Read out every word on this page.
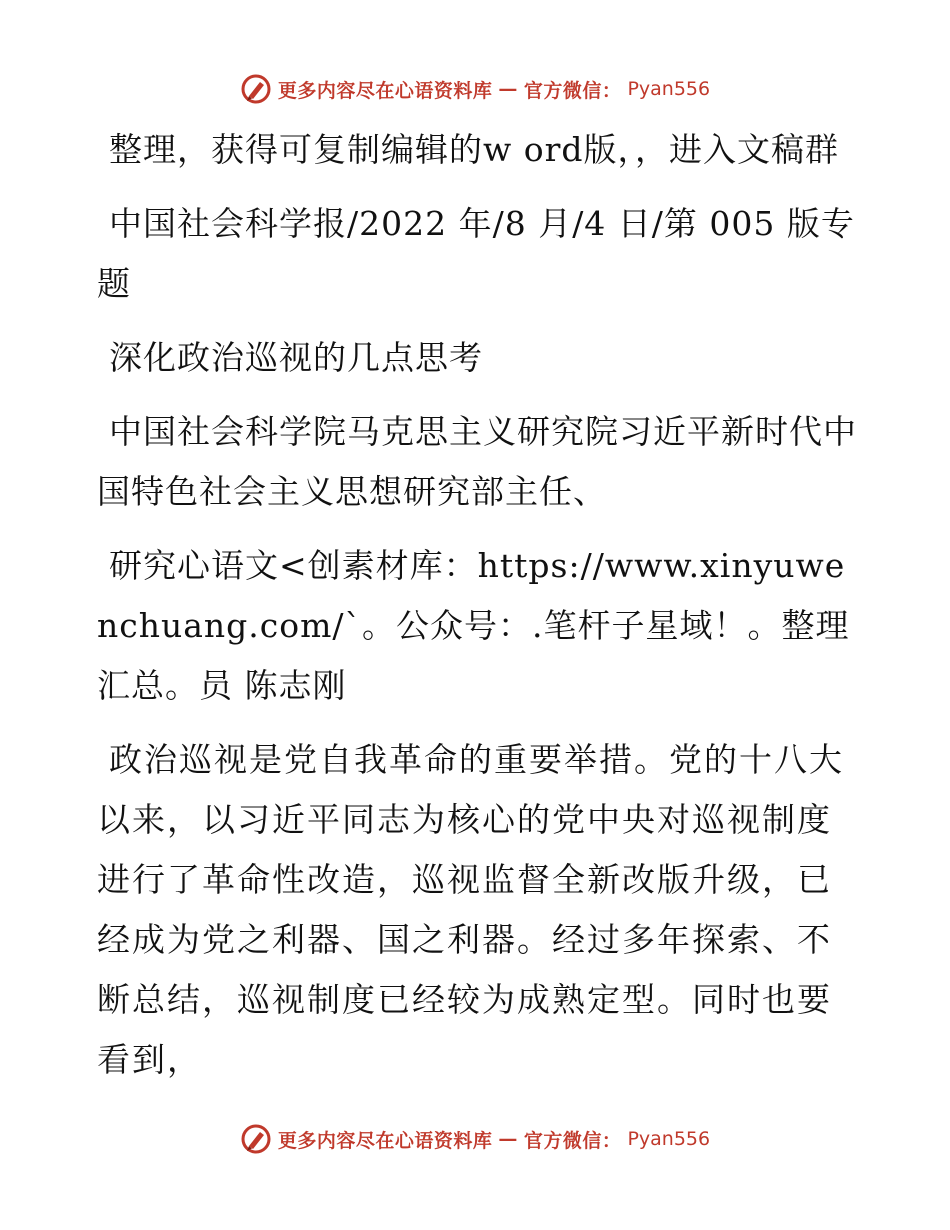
更多内容尽在心语资料库 — 官方微信： Pyan556

整理，获得可复制编辑的w ord版，，进入文稿群

中国社会科学报/2022 年/8 月/4 日/第 005 版专题

深化政治巡视的几点思考

中国社会科学院马克思主义研究院习近平新时代中国特色社会主义思想研究部主任、

研究心语文<创素材库：https://www.xinyuwenchuang.com/`。公众号：.笔杆子星域！。整理汇总。员 陈志刚

政治巡视是党自我革命的重要举措。党的十八大以来，以习近平同志为核心的党中央对巡视制度进行了革命性改造，巡视监督全新改版升级，已经成为党之利器、国之利器。经过多年探索、不断总结，巡视制度已经较为成熟定型。同时也要看到，

更多内容尽在心语资料库 — 官方微信： Pyan556
